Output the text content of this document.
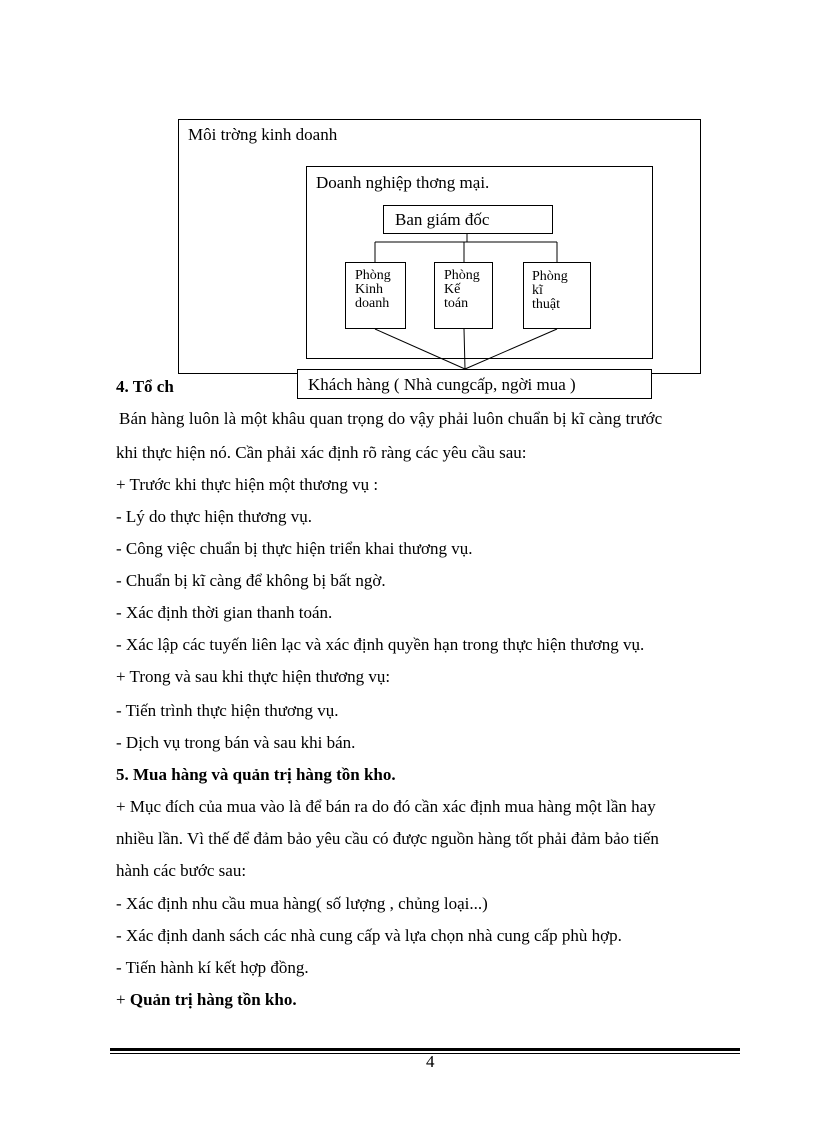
4. Tổ ch
Bán hàng luôn là một khâu quan trọng do vậy phải luôn chuẩn bị kĩ càng trước
Môi trờng kinh doanh
Doanh nghiệp thơng mại.
Ban giám đốc
Phòng
Kinh
doanh
Phòng
Kế
toán
Phòng
kĩ
thuật
Khách hàng ( Nhà cungcấp, ngời mua )
khi thực hiện nó. Cần phải xác định rõ ràng các yêu cầu sau:
+ Trước khi thực hiện một thương vụ :
- Lý do thực hiện thương vụ.
- Công việc chuẩn bị thực hiện triển khai thương vụ.
- Chuẩn bị kĩ càng để không bị bất ngờ.
- Xác định thời gian thanh toán.
- Xác lập các tuyến liên lạc và xác định quyền hạn trong thực hiện thương vụ.
+ Trong và sau khi thực hiện thương vụ:
- Tiến trình thực hiện thương vụ.
- Dịch vụ trong bán và sau khi bán.
5. Mua hàng và quản trị hàng tồn kho.
+ Mục đích của mua vào là để bán ra do đó cần xác định mua hàng một lần hay
nhiều lần. Vì thế để đảm bảo yêu cầu có được nguồn hàng tốt phải đảm bảo tiến
hành các bước sau:
- Xác định nhu cầu mua hàng( số lượng , chủng loại...)
- Xác định danh sách các nhà cung cấp và lựa chọn nhà cung cấp phù hợp.
- Tiến hành kí kết hợp đồng.
+ Quản trị hàng tồn kho.
4
